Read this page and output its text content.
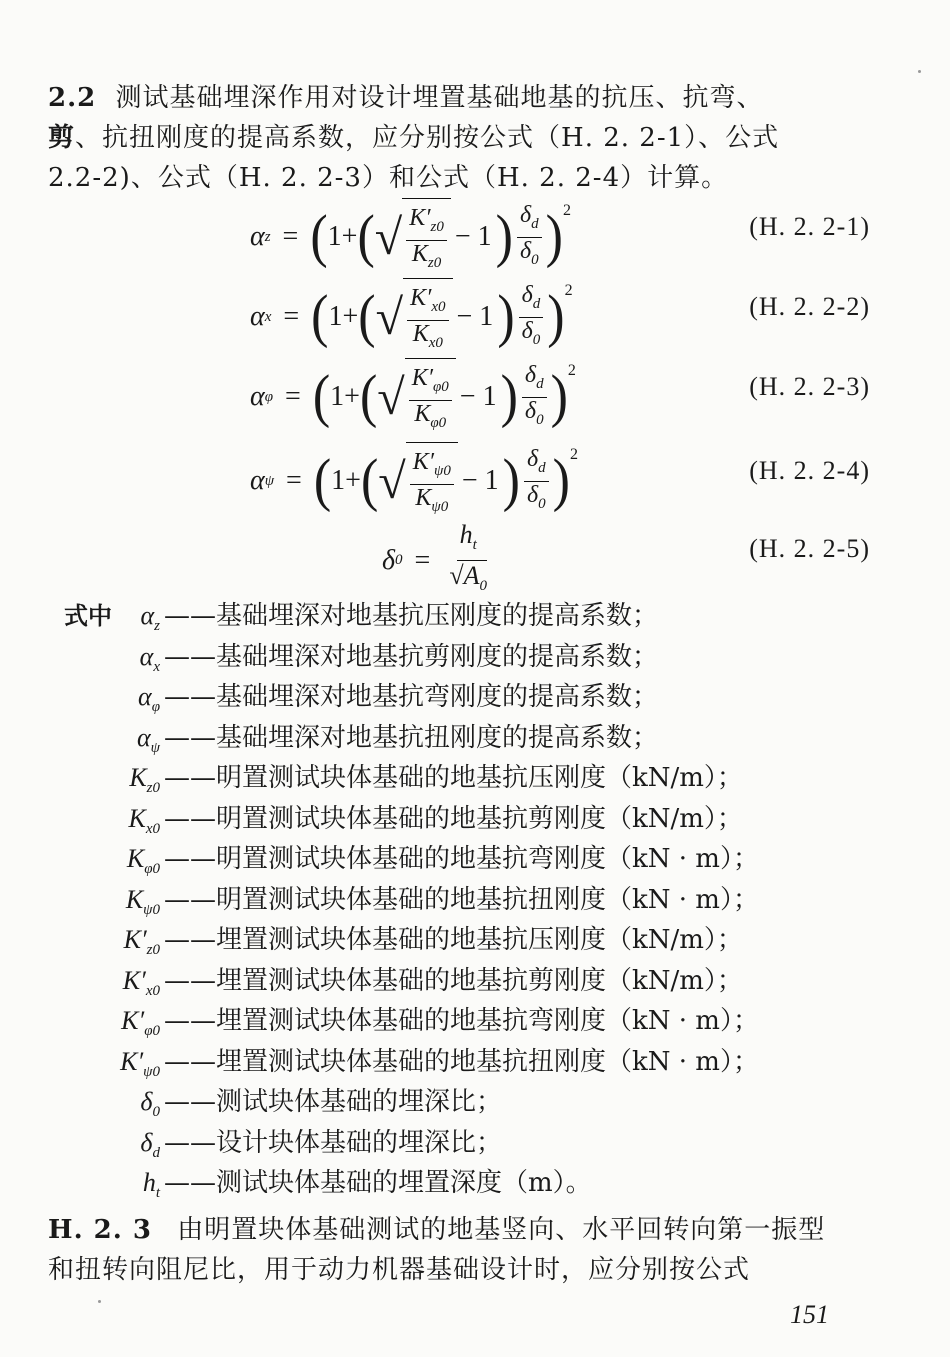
2.2 测试基础埋深作用对设计埋置基础地基的抗压、抗弯、
剪、抗扭刚度的提高系数，应分别按公式（H. 2. 2-1）、公式
2.2-2)、公式（H. 2. 2-3）和公式（H. 2. 2-4）计算。
α z = ( 1+ ( √ $\frac{K'_{z0}}{K_{z0}} - 1$ ) $\frac{\delta_d}{\delta_0}$ ) 2
(H. 2. 2-1)
α x = ( 1+ ( √ $\frac{K'_{x0}}{K_{x0}} - 1$ ) $\frac{\delta_d}{\delta_0}$ ) 2
(H. 2. 2-2)
α φ = ( 1+ ( √ $\frac{K'_{\varphi 0}}{K_{\varphi 0}} - 1$ ) $\frac{\delta_d}{\delta_0}$ ) 2
(H. 2. 2-3)
α ψ = ( 1+ ( √ $\frac{K'_{\psi 0}}{K_{\psi 0}} - 1$ ) $\frac{\delta_d}{\delta_0}$ ) 2
(H. 2. 2-4)
δ $0 = \frac{h_t}{√A_0}$	(H. 2. 2-5)
式中	$\alpha_z$ ——基础埋深对地基抗压刚度的提高系数；
$\alpha_x$ ——基础埋深对地基抗剪刚度的提高系数；
$\alpha_\varphi$ ——基础埋深对地基抗弯刚度的提高系数；
$\alpha_\psi$ ——基础埋深对地基抗扭刚度的提高系数；
$K_{z0}$ ——明置测试块体基础的地基抗压刚度（kN/m）；
$K_{x0}$ ——明置测试块体基础的地基抗剪刚度（kN/m）；
$K_{\varphi 0}$ ——明置测试块体基础的地基抗弯刚度（kN · m）；
$K_{\psi 0}$ ——明置测试块体基础的地基抗扭刚度（kN · m）；
$K'_{z0}$ ——埋置测试块体基础的地基抗压刚度（kN/m）；
$K'_{x0}$ ——埋置测试块体基础的地基抗剪刚度（kN/m）；
$K'_{\varphi 0}$ ——埋置测试块体基础的地基抗弯刚度（kN · m）；
$K'_{\psi 0}$ ——埋置测试块体基础的地基抗扭刚度（kN · m）；
$\delta_0$ ——测试块体基础的埋深比；
$\delta_d$ ——设计块体基础的埋深比；
$h_t$ ——测试块体基础的埋置深度（m）。
H. 2. 3 由明置块体基础测试的地基竖向、水平回转向第一振型
和扭转向阻尼比，用于动力机器基础设计时，应分别按公式
151
